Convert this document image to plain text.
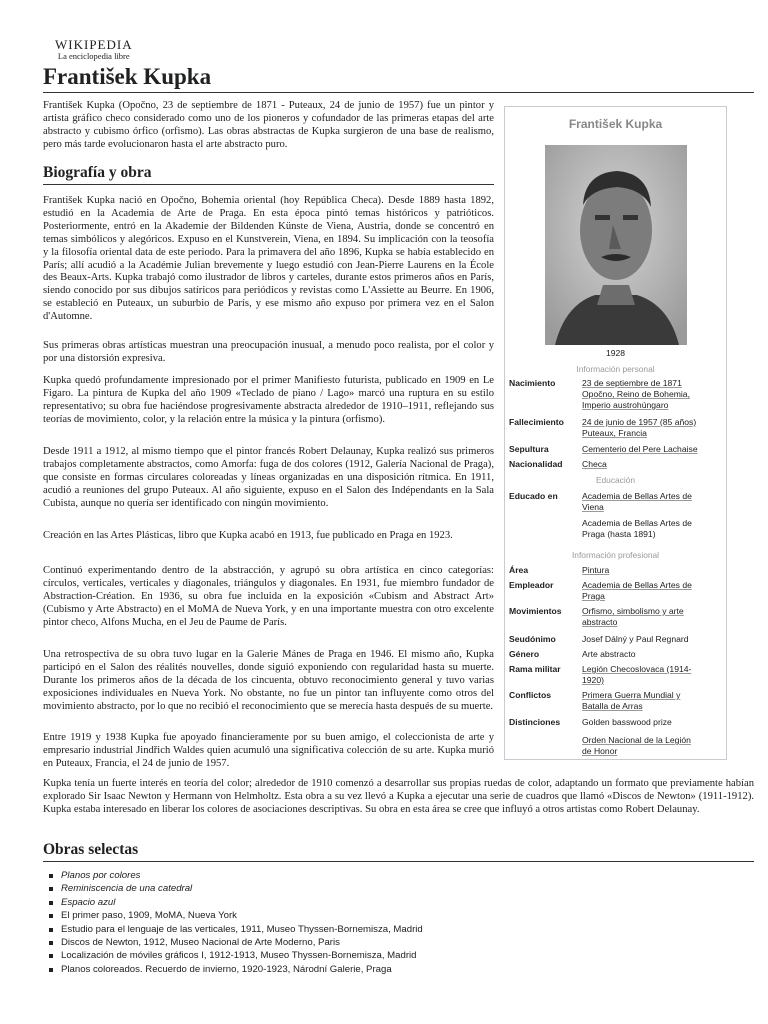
WIKIPEDIA
La enciclopedia libre
František Kupka

František Kupka (Opočno, 23 de septiembre de 1871 - Puteaux, 24 de junio de 1957) fue un pintor y artista gráfico checo considerado como uno de los pioneros y cofundador de las primeras etapas del arte abstracto y cubismo órfico (orfismo). Las obras abstractas de Kupka surgieron de una base de realismo, pero más tarde evolucionaron hasta el arte abstracto puro.

Biografía y obra

František Kupka nació en Opočno, Bohemia oriental (hoy República Checa). Desde 1889 hasta 1892, estudió en la Academia de Arte de Praga. En esta época pintó temas históricos y patrióticos. Posteriormente, entró en la Akademie der Bildenden Künste de Viena, Austria, donde se concentró en temas simbólicos y alegóricos. Expuso en el Kunstverein, Viena, en 1894. Su implicación con la teosofía y la filosofía oriental data de este periodo. Para la primavera del año 1896, Kupka se había establecido en París; allí acudió a la Académie Julian brevemente y luego estudió con Jean-Pierre Laurens en la École des Beaux-Arts. Kupka trabajó como ilustrador de libros y carteles, durante estos primeros años en París, siendo conocido por sus dibujos satíricos para periódicos y revistas como L'Assiette au Beurre. En 1906, se estableció en Puteaux, un suburbio de París, y ese mismo año expuso por primera vez en el Salon d'Automne.

Sus primeras obras artísticas muestran una preocupación inusual, a menudo poco realista, por el color y por una distorsión expresiva.

Kupka quedó profundamente impresionado por el primer Manifiesto futurista, publicado en 1909 en Le Figaro. La pintura de Kupka del año 1909 «Teclado de piano / Lago» marcó una ruptura en su estilo representativo; su obra fue haciéndose progresivamente abstracta alrededor de 1910–1911, reflejando sus teorías de movimiento, color, y la relación entre la música y la pintura (orfismo).

Desde 1911 a 1912, al mismo tiempo que el pintor francés Robert Delaunay, Kupka realizó sus primeros trabajos completamente abstractos, como Amorfa: fuga de dos colores (1912, Galería Nacional de Praga), que consiste en formas circulares coloreadas y líneas organizadas en una disposición rítmica. En 1911, acudió a reuniones del grupo Puteaux. Al año siguiente, expuso en el Salon des Indépendants en la Sala Cubista, aunque no quería ser identificado con ningún movimiento.

Creación en las Artes Plásticas, libro que Kupka acabó en 1913, fue publicado en Praga en 1923.

Continuó experimentando dentro de la abstracción, y agrupó su obra artística en cinco categorías: círculos, verticales, verticales y diagonales, triángulos y diagonales. En 1931, fue miembro fundador de Abstraction-Création. En 1936, su obra fue incluida en la exposición «Cubism and Abstract Art» (Cubismo y Arte Abstracto) en el MoMA de Nueva York, y en una importante muestra con otro excelente pintor checo, Alfons Mucha, en el Jeu de Paume de París.

Una retrospectiva de su obra tuvo lugar en la Galerie Mánes de Praga en 1946. El mismo año, Kupka participó en el Salon des réalités nouvelles, donde siguió exponiendo con regularidad hasta su muerte. Durante los primeros años de la década de los cincuenta, obtuvo reconocimiento general y tuvo varias exposiciones individuales en Nueva York. No obstante, no fue un pintor tan influyente como otros del movimiento abstracto, por lo que no recibió el reconocimiento que se merecía hasta después de su muerte.

Entre 1919 y 1938 Kupka fue apoyado financieramente por su buen amigo, el coleccionista de arte y empresario industrial Jindřich Waldes quien acumuló una significativa colección de su arte. Kupka murió en Puteaux, Francia, el 24 de junio de 1957.

Kupka tenía un fuerte interés en teoría del color; alrededor de 1910 comenzó a desarrollar sus propias ruedas de color, adaptando un formato que previamente habían explorado Sir Isaac Newton y Hermann von Helmholtz. Esta obra a su vez llevó a Kupka a ejecutar una serie de cuadros que llamó «Discos de Newton» (1911-1912). Kupka estaba interesado en liberar los colores de asociaciones descriptivas. Su obra en esta área se cree que influyó a otros artistas como Robert Delaunay.

Obras selectas
Planos por colores
Reminiscencia de una catedral
Espacio azul
El primer paso, 1909, MoMA, Nueva York
Estudio para el lenguaje de las verticales, 1911, Museo Thyssen-Bornemisza, Madrid
Discos de Newton, 1912, Museo Nacional de Arte Moderno, Paris
Localización de móviles gráficos I, 1912-1913, Museo Thyssen-Bornemisza, Madrid
Planos coloreados. Recuerdo de invierno, 1920-1923, Národní Galerie, Praga
František Kupka
1928
Información personal
Nacimiento	23 de septiembre de 1871 Opočno, Reino de Bohemia, Imperio austrohúngaro
Fallecimiento	24 de junio de 1957 (85 años) Puteaux, Francia
Sepultura	Cementerio del Pere Lachaise
Nacionalidad	Checa
Educación
Educado en	Academia de Bellas Artes de Viena
Academia de Bellas Artes de Praga (hasta 1891)
Información profesional
Área	Pintura
Empleador	Academia de Bellas Artes de Praga
Movimientos	Orfismo, simbolismo y arte abstracto
Seudónimo	Josef Dálný y Paul Regnard
Género	Arte abstracto
Rama militar	Legión Checoslovaca (1914-1920)
Conflictos	Primera Guerra Mundial y Batalla de Arras
Distinciones	Golden basswood prize
Orden Nacional de la Legión de Honor
